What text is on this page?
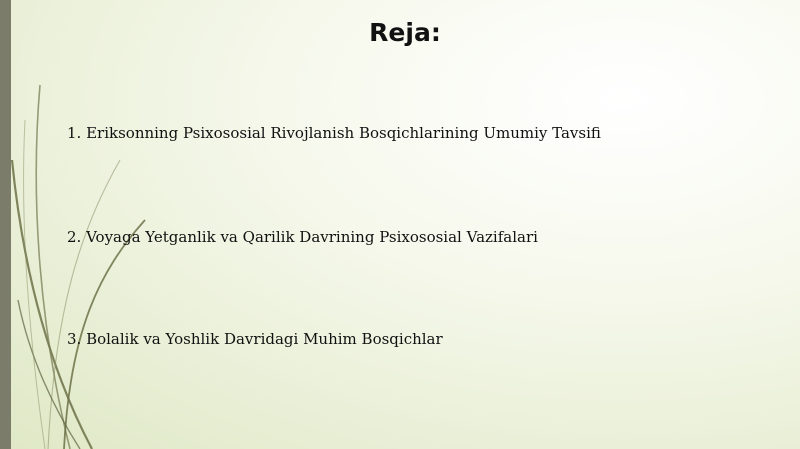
Reja:
1. Eriksonning Psixososial Rivojlanish Bosqichlarining Umumiy Tavsifi
2. Voyaga Yetganlik va Qarilik Davrining Psixososial Vazifalari
3. Bolalik va Yoshlik Davridagi Muhim Bosqichlar
